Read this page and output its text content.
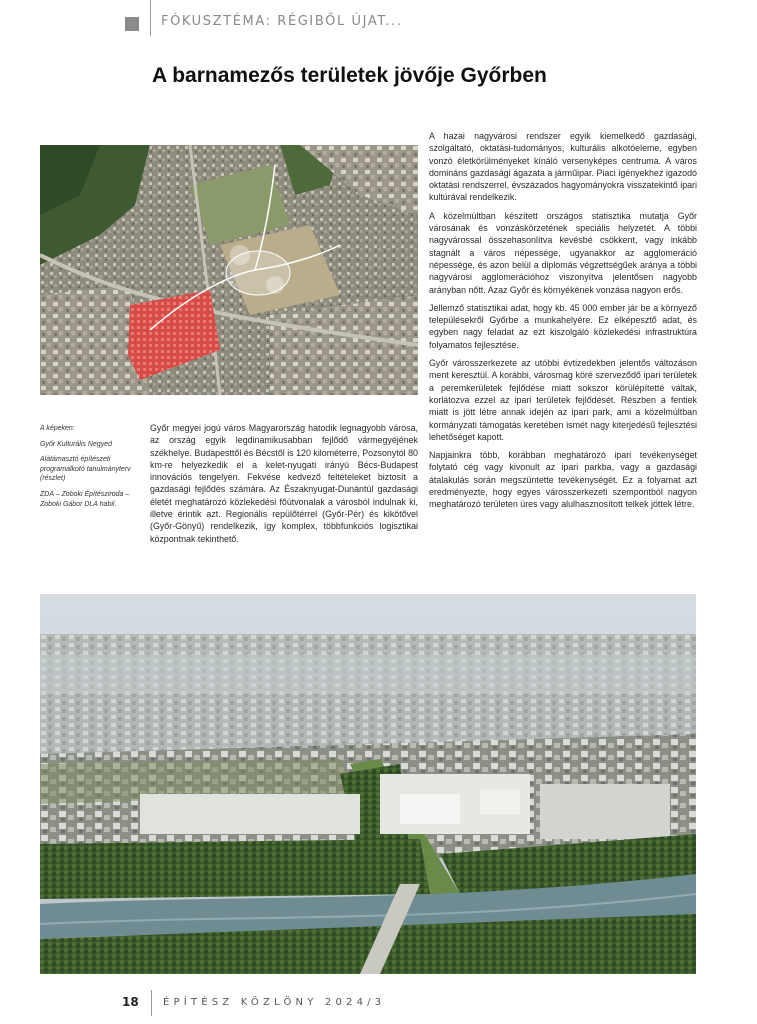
FÓKUSZTÉMA: RÉGIBŐL ÚJAT...
A barnamezős területek jövője Győrben
A képeken:
Győr Kulturális Negyed
Alátámasztó építészeti programalkotó tanulmányterv (részlet)
ZDA – Zoboki Építésziroda – Zoboki Gábor DLA habil.

Győr megyei jogú város Magyarország hatodik legnagyobb városa, az ország egyik legdinamikusabban fejlődő vármegyéjének székhelye. Budapesttől és Bécstől is 120 kilométerre, Pozsonytól 80 km-re helyezkedik el a kelet-nyugati irányú Bécs-Budapest innovációs tengelyen. Fekvése kedvező feltételeket biztosít a gazdasági fejlődés számára. Az Északnyugat-Dunántúl gazdasági életét meghatározó közlekedési főútvonalak a városból indulnak ki, illetve érintik azt. Regionális repülőtérrel (Győr-Pér) és kikötővel (Győr-Gönyű) rendelkezik, így komplex, többfunkciós logisztikai központnak tekinthető.

A hazai nagyvárosi rendszer egyik kiemelkedő gazdasági, szolgáltató, oktatási-tudományos, kulturális alkotóeleme, egyben vonzó életkörülményeket kínáló versenyképes centruma. A város domináns gazdasági ágazata a járműipar. Piaci igényekhez igazodó oktatási rendszerrel, évszázados hagyományokra visszatekintő ipari kultúrával rendelkezik.

A közelmúltban készített országos statisztika mutatja Győr városának és vonzáskörzetének speciális helyzetét. A többi nagyvárossal összehasonlítva kevésbé csökkent, vagy inkább stagnált a város népessége, ugyanakkor az agglomeráció népessége, és azon belül a diplomás végzettségűek aránya a többi nagyvárosi agglomerációhoz viszonyítva jelentősen nagyobb arányban nőtt. Azaz Győr és környékének vonzása nagyon erős.

Jellemző statisztikai adat, hogy kb. 45 000 ember jár be a környező településekről Győrbe a munkahelyére. Ez elképesztő adat, és egyben nagy feladat az ezt kiszolgáló közlekedési infrastruktúra folyamatos fejlesztése.

Győr városszerkezete az utóbbi évtizedekben jelentős változáson ment keresztül. A korábbi, városmag köré szerveződő ipari területek a peremkerületek fejlődése miatt sokszor körülépítetté váltak, korlátozva ezzel az ipari területek fejlődését. Részben a fentiek miatt is jött létre annak idején az ipari park, ami a közelmúltban kormányzati támogatás keretében ismét nagy kiterjedésű fejlesztési lehetőséget kapott.

Napjainkra több, korábban meghatározó ipari tevékenységet folytató cég vagy kivonult az ipari parkba, vagy a gazdasági átalakulás során megszüntette tevékenységét. Ez a folyamat azt eredményezte, hogy egyes városszerkezeti szempontból nagyon meghatározó területen üres vagy alulhasznosított telkek jöttek létre.

18 ÉPÍTÉSZ KÖZLÖNY 2024/3
